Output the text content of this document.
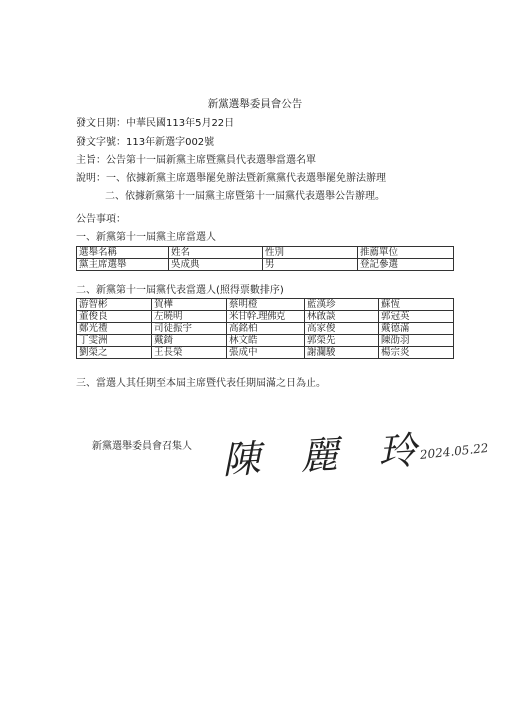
新黨選舉委員會公告
發文日期：中華民國113年5月22日
發文字號：113年新選字002號
主旨：公告第十一屆新黨主席暨黨員代表選舉當選名單
說明：一、依據新黨主席選舉罷免辦法暨新黨黨代表選舉罷免辦法辦理
二、依據新黨第十一屆黨主席暨第十一屆黨代表選舉公告辦理。
公告事項：
一、新黨第十一屆黨主席當選人
選舉名稱	姓名	性別	推薦單位
黨主席選舉	吳成典	男	登記參選
二、新黨第十一屆黨代表當選人(照得票數排序)
游智彬	賀樺	蔡明橙	藍漢珍	蘇恆
董俊良	左曉明	米甘幹.理佛克	林啟談	郭冠英
鄭光禮	司徒振宇	高銘柏	高家俊	戴德滿
丁雯洲	戴錡	林文皓	郭榮先	陳劭羽
劉榮之	王長榮	張成中	謝瀾駿	楊宗炎
三、當選人其任期至本屆主席暨代表任期屆滿之日為止。
新黨選舉委員會召集人 陳 麗 玲
2024.05.22
